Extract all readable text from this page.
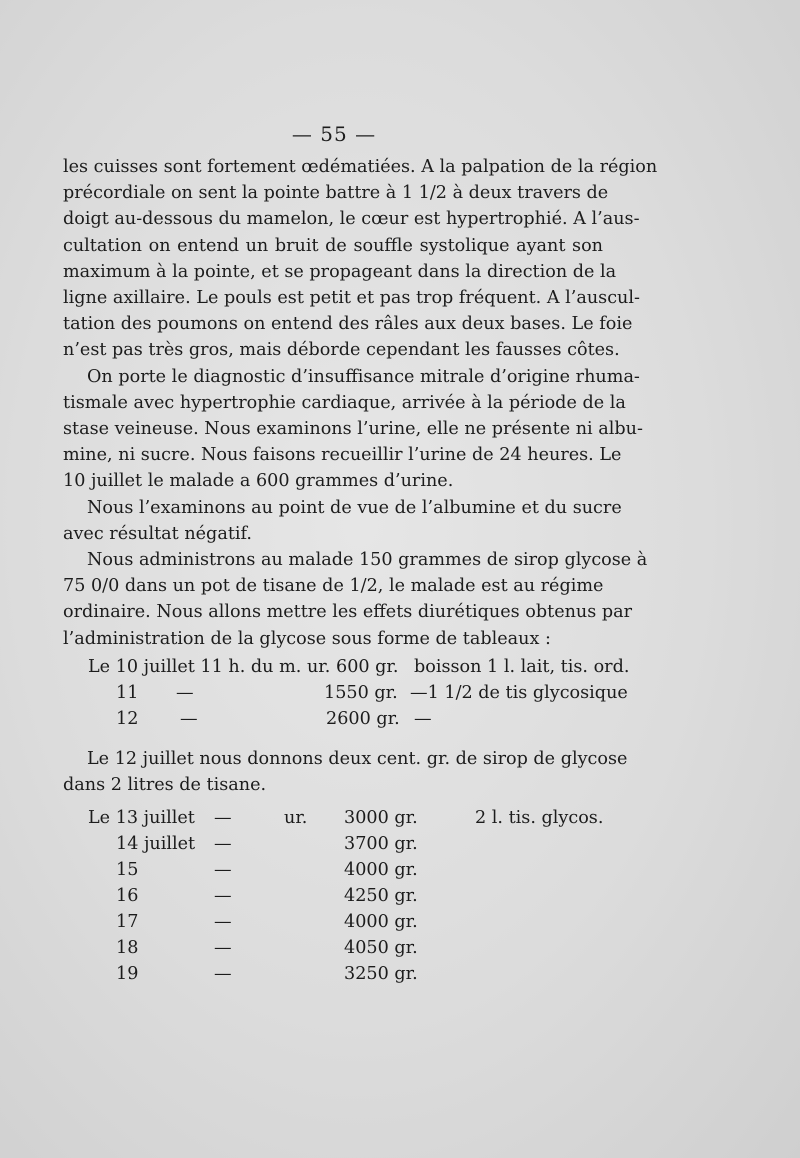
— 55 —
les cuisses sont fortement œdématiées. A la palpation de la région
précordiale on sent la pointe battre à 1 1/2 à deux travers de
doigt au-dessous du mamelon, le cœur est hypertrophié. A l’aus-
cultation on entend un bruit de souffle systolique ayant son
maximum à la pointe, et se propageant dans la direction de la
ligne axillaire. Le pouls est petit et pas trop fréquent. A l’auscul-
tation des poumons on entend des râles aux deux bases. Le foie
n’est pas très gros, mais déborde cependant les fausses côtes.
On porte le diagnostic d’insuffisance mitrale d’origine rhuma-
tismale avec hypertrophie cardiaque, arrivée à la période de la
stase veineuse. Nous examinons l’urine, elle ne présente ni albu-
mine, ni sucre. Nous faisons recueillir l’urine de 24 heures. Le
10 juillet le malade a 600 grammes d’urine.
Nous l’examinons au point de vue de l’albumine et du sucre
avec résultat négatif.
Nous administrons au malade 150 grammes de sirop glycose à
75 0/0 dans un pot de tisane de 1/2, le malade est au régime
ordinaire. Nous allons mettre les effets diurétiques obtenus par
l’administration de la glycose sous forme de tableaux :
Le 10 juillet 11 h. du m. ur. 600 gr. boisson 1 l. lait, tis. ord.
11 —	1550 gr. —1 1/2 de tis glycosique
12 —	2600 gr. —
Le 12 juillet nous donnons deux cent. gr. de sirop de glycose
dans 2 litres de tisane.
Le 13 juillet —	ur. 3000 gr.	2 l. tis. glycos.
14 juillet —	3700 gr.
15	—	4000 gr.
16	—	4250 gr.
17	—	4000 gr.
18	—	4050 gr.
19	—	3250 gr.
